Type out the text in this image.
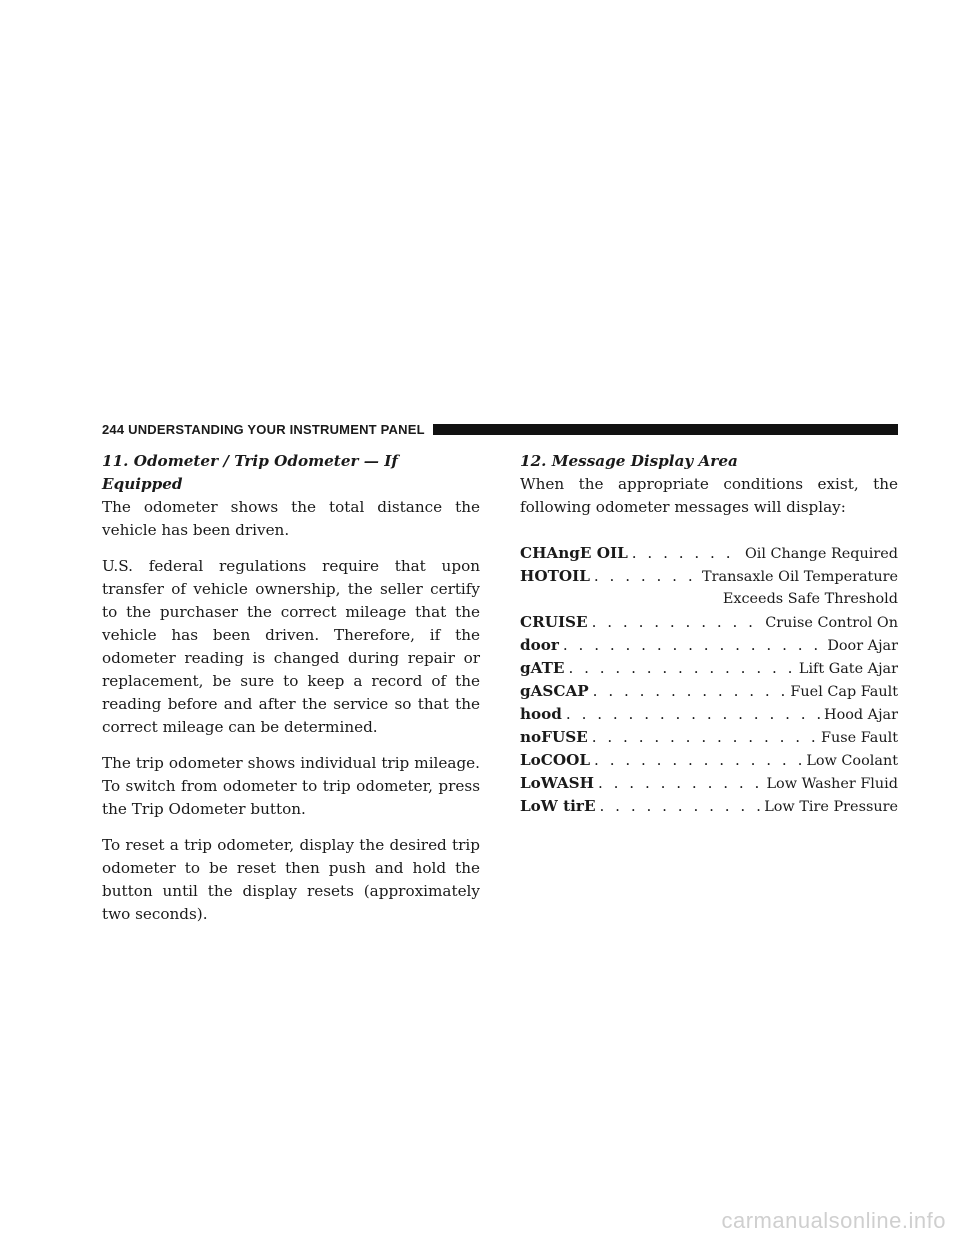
244 UNDERSTANDING YOUR INSTRUMENT PANEL
11. Odometer / Trip Odometer — If Equipped

The odometer shows the total distance the vehicle has been driven.

U.S. federal regulations require that upon transfer of vehicle ownership, the seller certify to the purchaser the correct mileage that the vehicle has been driven. Therefore, if the odometer reading is changed during repair or replacement, be sure to keep a record of the reading before and after the service so that the correct mileage can be determined.

The trip odometer shows individual trip mileage. To switch from odometer to trip odometer, press the Trip Odometer button.

To reset a trip odometer, display the desired trip odometer to be reset then push and hold the button until the display resets (approximately two seconds).

12. Message Display Area
When the appropriate conditions exist, the following odometer messages will display:
CHAngE OIL . . .	Oil Change Required
HOTOIL . . .	Transaxle Oil Temperature
Exceeds Safe Threshold
CRUISE . . .	Cruise Control On
door . . .	Door Ajar
gATE . . .	Lift Gate Ajar
gASCAP . . .	Fuel Cap Fault
hood . . .	Hood Ajar
noFUSE . . .	Fuse Fault
LoCOOL . . .	Low Coolant
LoWASH . . .	Low Washer Fluid
LoW tirE . . .	Low Tire Pressure
carmanualsonline.info
